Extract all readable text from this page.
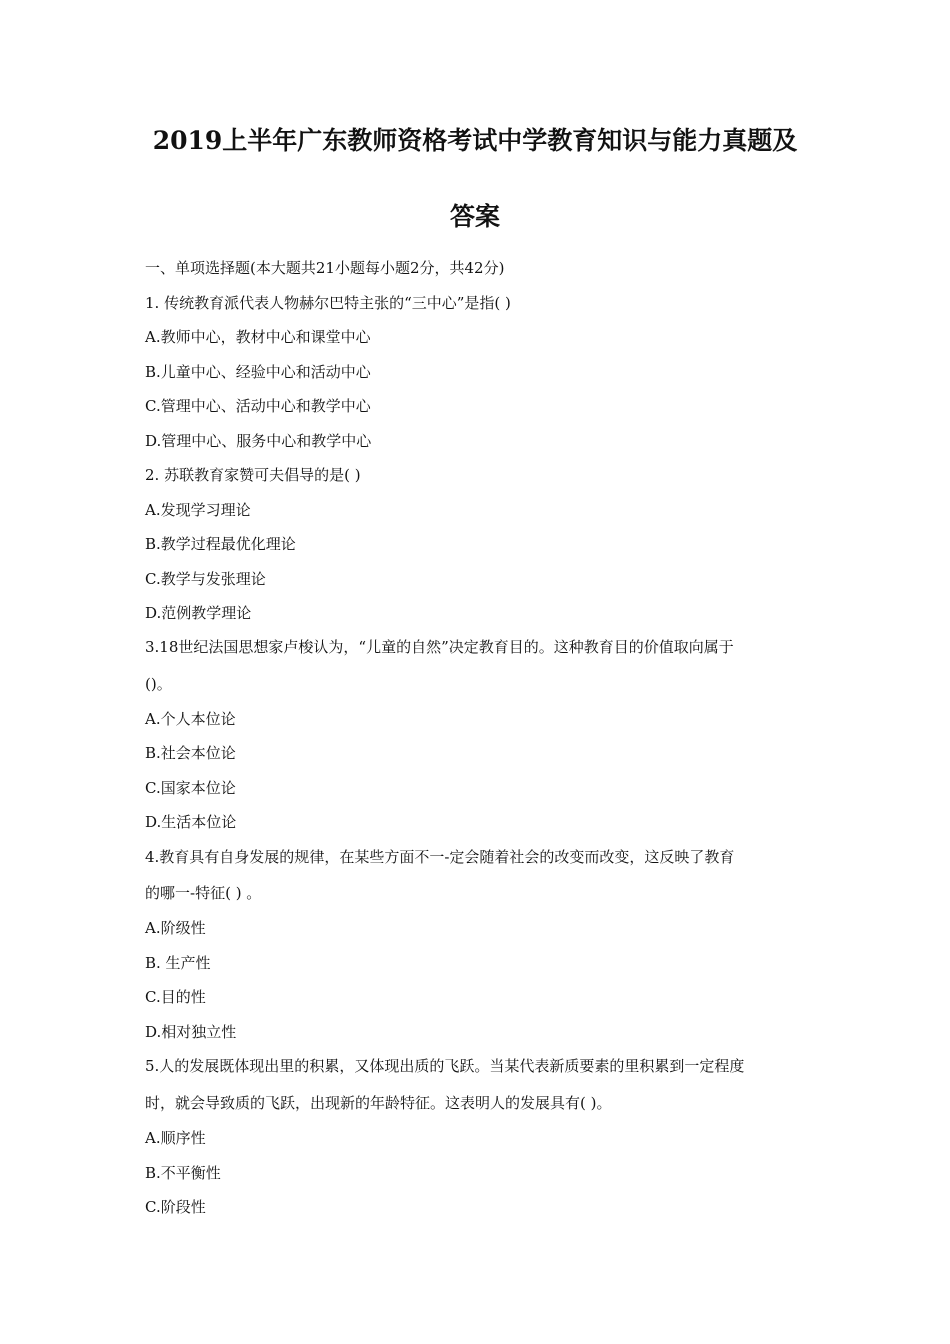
2019上半年广东教师资格考试中学教育知识与能力真题及
答案
一、单项选择题(本大题共21小题每小题2分，共42分)
1. 传统教育派代表人物赫尔巴特主张的“三中心”是指( )
A.教师中心，教材中心和课堂中心
B.儿童中心、经验中心和活动中心
C.管理中心、活动中心和教学中心
D.管理中心、服务中心和教学中心
2. 苏联教育家赞可夫倡导的是( )
A.发现学习理论
B.教学过程最优化理论
C.教学与发张理论
D.范例教学理论
3.18世纪法国思想家卢梭认为，“儿童的自然”决定教育目的。这种教育目的价值取向属于
()。
A.个人本位论
B.社会本位论
C.国家本位论
D.生活本位论
4.教育具有自身发展的规律，在某些方面不一-定会随着社会的改变而改变，这反映了教育
的哪一-特征( ) 。
A.阶级性
B. 生产性
C.目的性
D.相对独立性
5.人的发展既体现出里的积累，又体现出质的飞跃。当某代表新质要素的里积累到一定程度
时，就会导致质的飞跃，出现新的年龄特征。这表明人的发展具有( )。
A.顺序性
B.不平衡性
C.阶段性
